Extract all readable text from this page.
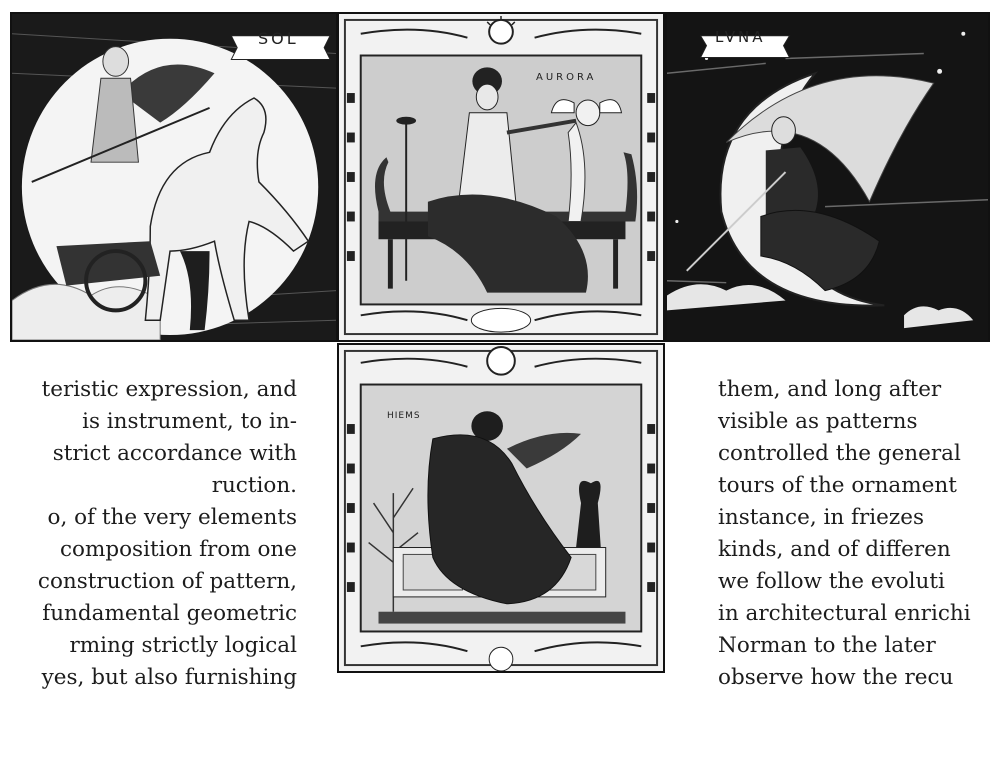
SOL
AURORA
LVNA
HIEMS
teristic expression, and
is instrument, to in-
strict accordance with
ruction.
o, of the very elements
composition from one
construction of pattern,
fundamental geometric
rming strictly logical
yes, but also furnishing
them, and long after
visible as patterns
controlled the general
tours of the ornament
instance, in friezes
kinds, and of differen
we follow the evoluti
in architectural enrichi
Norman to the later
observe how the recu
